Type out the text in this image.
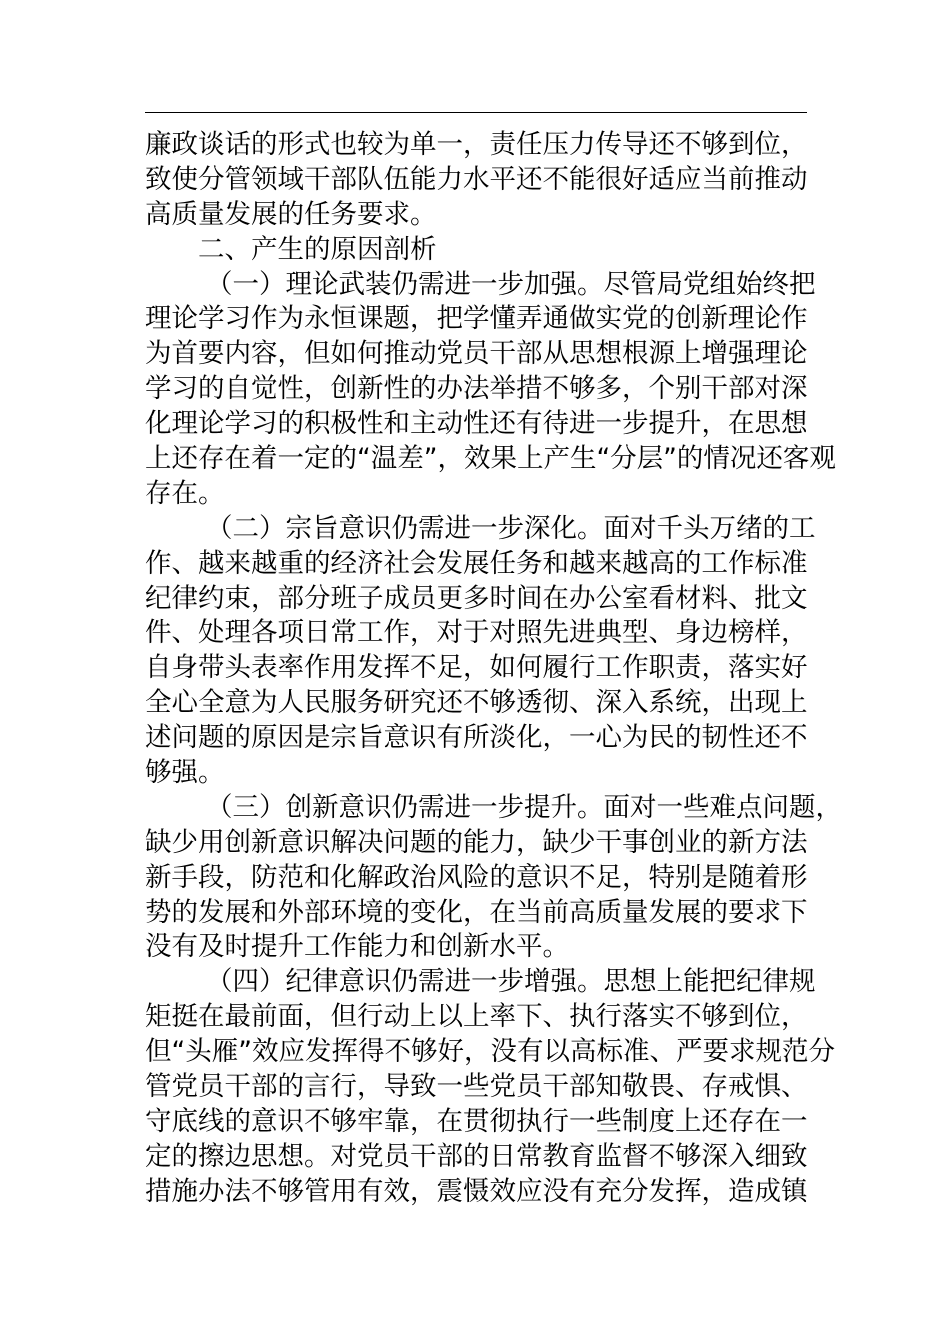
廉政谈话的形式也较为单一，责任压力传导还不够到位，
致使分管领域干部队伍能力水平还不能很好适应当前推动
高质量发展的任务要求。
二、产生的原因剖析
（一）理论武装仍需进一步加强。尽管局党组始终把
理论学习作为永恒课题，把学懂弄通做实党的创新理论作
为首要内容，但如何推动党员干部从思想根源上增强理论
学习的自觉性，创新性的办法举措不够多，个别干部对深
化理论学习的积极性和主动性还有待进一步提升，在思想
上还存在着一定的“温差”，效果上产生“分层”的情况还客观
存在。
（二）宗旨意识仍需进一步深化。面对千头万绪的工
作、越来越重的经济社会发展任务和越来越高的工作标准
纪律约束，部分班子成员更多时间在办公室看材料、批文
件、处理各项日常工作，对于对照先进典型、身边榜样，
自身带头表率作用发挥不足，如何履行工作职责，落实好
全心全意为人民服务研究还不够透彻、深入系统，出现上
述问题的原因是宗旨意识有所淡化，一心为民的韧性还不
够强。
（三）创新意识仍需进一步提升。面对一些难点问题，
缺少用创新意识解决问题的能力，缺少干事创业的新方法
新手段，防范和化解政治风险的意识不足，特别是随着形
势的发展和外部环境的变化，在当前高质量发展的要求下
没有及时提升工作能力和创新水平。
（四）纪律意识仍需进一步增强。思想上能把纪律规
矩挺在最前面，但行动上以上率下、执行落实不够到位，
但“头雁”效应发挥得不够好，没有以高标准、严要求规范分
管党员干部的言行，导致一些党员干部知敬畏、存戒惧、
守底线的意识不够牢靠，在贯彻执行一些制度上还存在一
定的擦边思想。对党员干部的日常教育监督不够深入细致
措施办法不够管用有效，震慑效应没有充分发挥，造成镇
